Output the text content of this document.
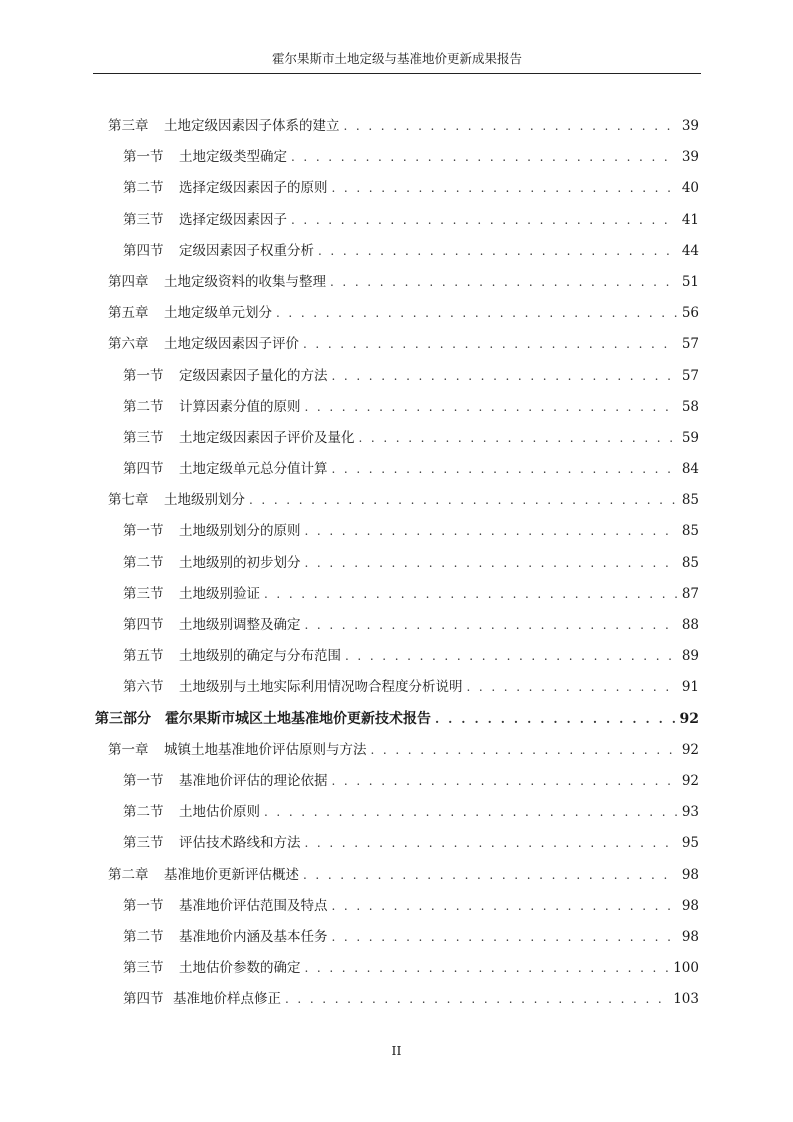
霍尔果斯市土地定级与基准地价更新成果报告
第三章	土地定级因素因子体系的建立 . . .	39
第一节	土地定级类型确定 . . .	39
第二节	选择定级因素因子的原则 . . .	40
第三节	选择定级因素因子 . . .	41
第四节	定级因素因子权重分析 . . .	44
第四章	土地定级资料的收集与整理 . . .	51
第五章	土地定级单元划分 . . .	56
第六章	土地定级因素因子评价 . . .	57
第一节	定级因素因子量化的方法 . . .	57
第二节	计算因素分值的原则 . . .	58
第三节	土地定级因素因子评价及量化 . . .	59
第四节	土地定级单元总分值计算 . . .	84
第七章	土地级别划分 . . .	85
第一节	土地级别划分的原则 . . .	85
第二节	土地级别的初步划分 . . .	85
第三节	土地级别验证 . . .	87
第四节	土地级别调整及确定 . . .	88
第五节	土地级别的确定与分布范围 . . .	89
第六节	土地级别与土地实际利用情况吻合程度分析说明 . . .	91
第三部分	霍尔果斯市城区土地基准地价更新技术报告 . . .	92
第一章	城镇土地基准地价评估原则与方法 . . .	92
第一节	基准地价评估的理论依据 . . .	92
第二节	土地估价原则 . . .	93
第三节	评估技术路线和方法 . . .	95
第二章	基准地价更新评估概述 . . .	98
第一节	基准地价评估范围及特点 . . .	98
第二节	基准地价内涵及基本任务 . . .	98
第三节	土地估价参数的确定 . . .	100
第四节 基准地价样点修正 . . .	103
II
